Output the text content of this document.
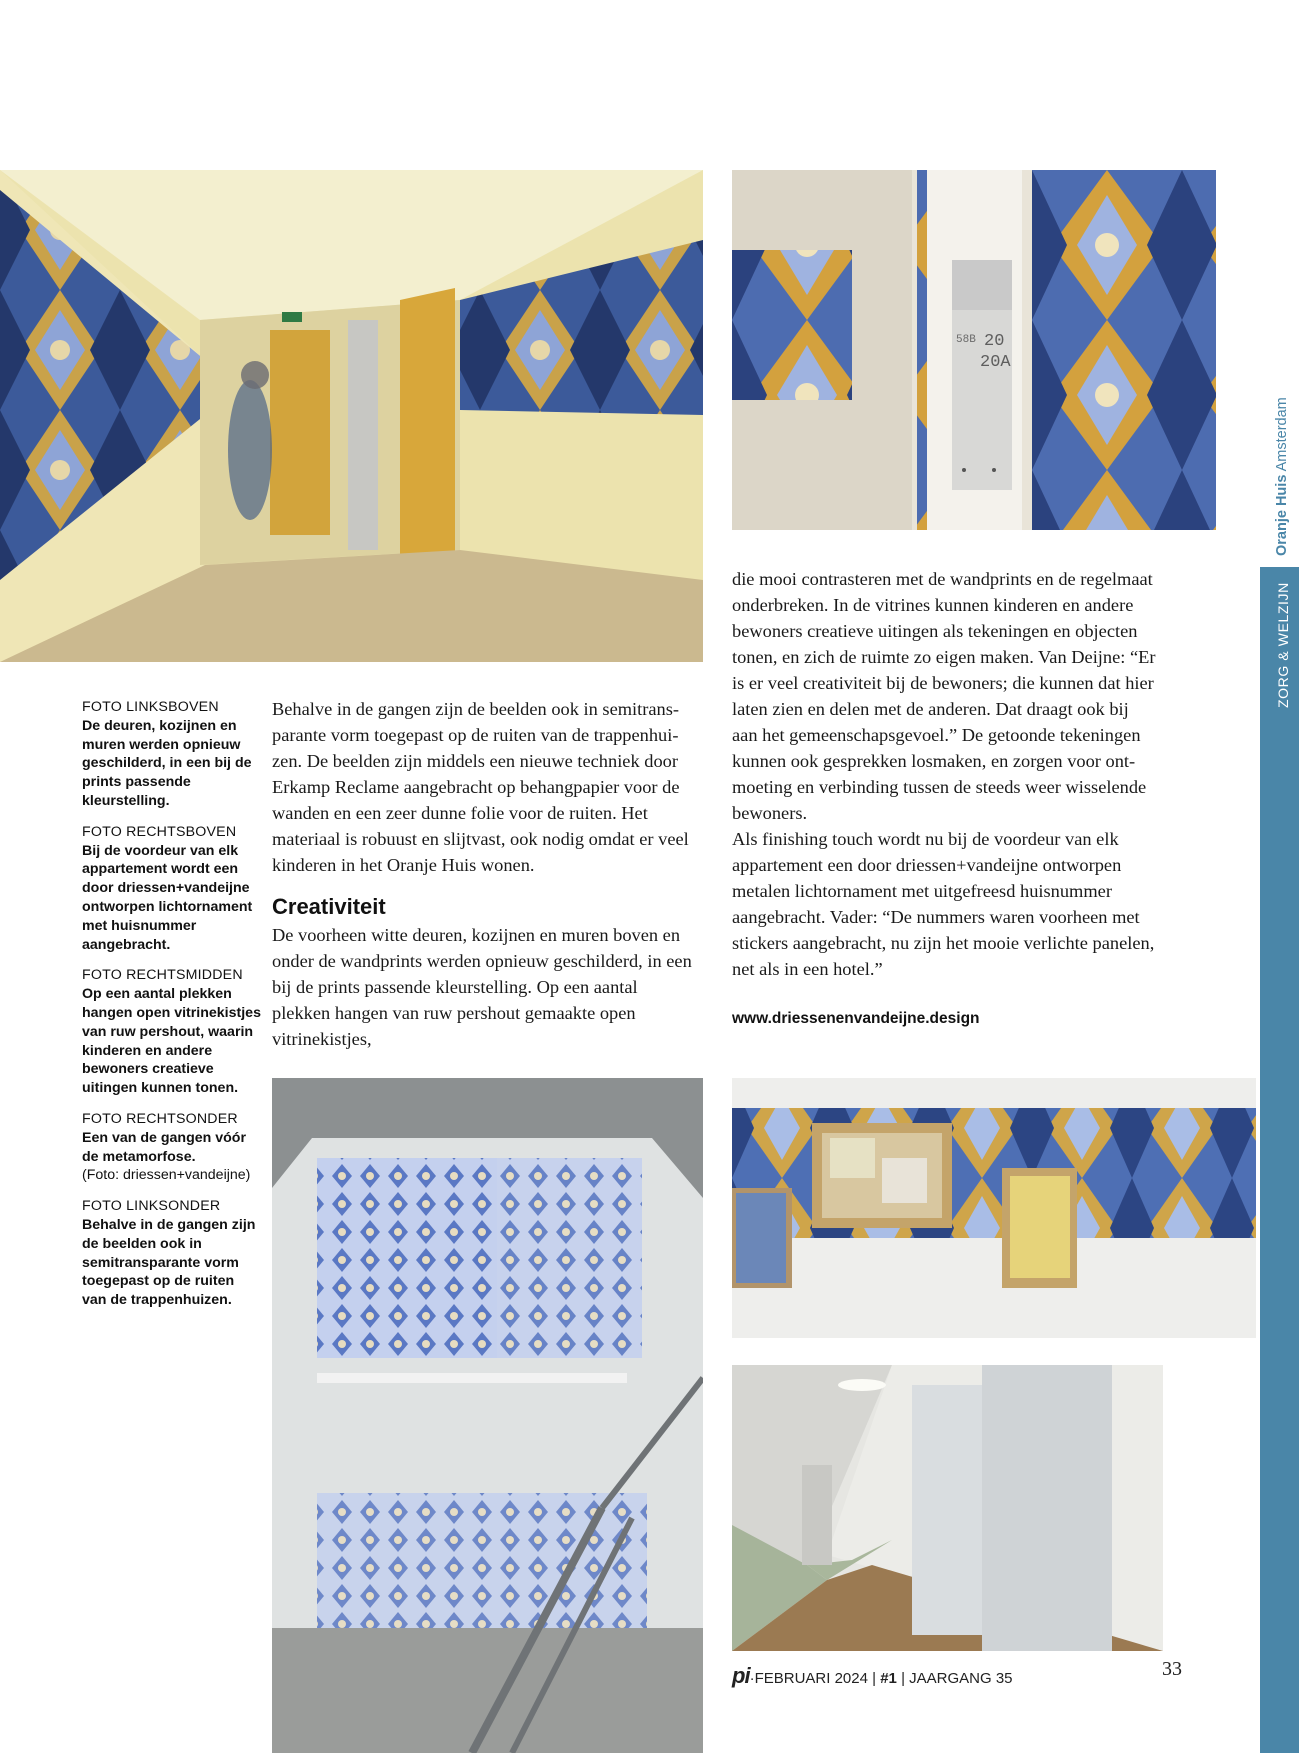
58B 20
20A
FOTO LINKSBOVEN
De deuren, kozijnen en muren werden opnieuw geschilderd, in een bij de prints passende kleurstelling.
FOTO RECHTSBOVEN
Bij de voordeur van elk appartement wordt een door driessen+vandeijne ontworpen lichtornament met huisnummer aangebracht.
FOTO RECHTSMIDDEN
Op een aantal plekken hangen open vitrinekistjes van ruw pershout, waarin kinderen en andere bewoners creatieve uitingen kunnen tonen.
FOTO RECHTSONDER
Een van de gangen vóór de metamorfose.
(Foto: driessen+vandeijne)
FOTO LINKSONDER
Behalve in de gangen zijn de beelden ook in semitransparante vorm toegepast op de ruiten van de trappenhuizen.

Behalve in de gangen zijn de beelden ook in semitrans-parante vorm toegepast op de ruiten van de trappenhui-zen. De beelden zijn middels een nieuwe techniek door Erkamp Reclame aangebracht op behangpapier voor de wanden en een zeer dunne folie voor de ruiten. Het materiaal is robuust en slijtvast, ook nodig omdat er veel kinderen in het Oranje Huis wonen.

Creativiteit

De voorheen witte deuren, kozijnen en muren boven en onder de wandprints werden opnieuw geschilderd, in een bij de prints passende kleurstelling. Op een aantal plekken hangen van ruw pershout gemaakte open vitrinekistjes,

die mooi contrasteren met de wandprints en de regelmaat onderbreken. In de vitrines kunnen kinderen en andere bewoners creatieve uitingen als tekeningen en objecten tonen, en zich de ruimte zo eigen maken. Van Deijne: “Er is er veel creativiteit bij de bewoners; die kunnen dat hier laten zien en delen met de anderen. Dat draagt ook bij aan het gemeenschapsgevoel.” De getoonde tekeningen kunnen ook gesprekken losmaken, en zorgen voor ont-moeting en verbinding tussen de steeds weer wisselende bewoners.

Als finishing touch wordt nu bij de voordeur van elk appartement een door driessen+vandeijne ontworpen metalen lichtornament met uitgefreesd huisnummer aangebracht. Vader: “De nummers waren voorheen met stickers aangebracht, nu zijn het mooie verlichte panelen, net als in een hotel.”

www.driessenenvandeijne.design
Oranje Huis Amsterdam
ZORG & WELZIJN
pi·FEBRUARI 2024 | #1 | JAARGANG 35	33
